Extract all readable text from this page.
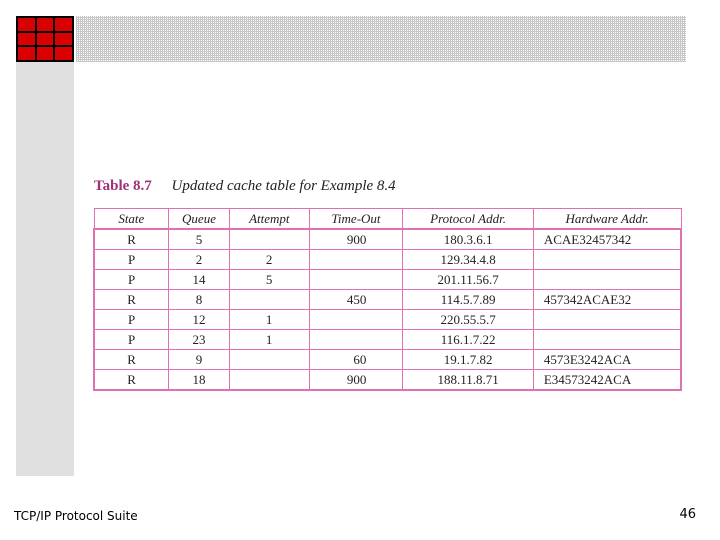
Table 8.7 Updated cache table for Example 8.4
State	Queue	Attempt	Time-Out	Protocol Addr.	Hardware Addr.
R	5		900	180.3.6.1	ACAE32457342
P	2	2		129.34.4.8	
P	14	5		201.11.56.7	
R	8		450	114.5.7.89	457342ACAE32
P	12	1		220.55.5.7	
P	23	1		116.1.7.22	
R	9		60	19.1.7.82	4573E3242ACA
R	18		900	188.11.8.71	E34573242ACA
TCP/IP Protocol Suite	46
